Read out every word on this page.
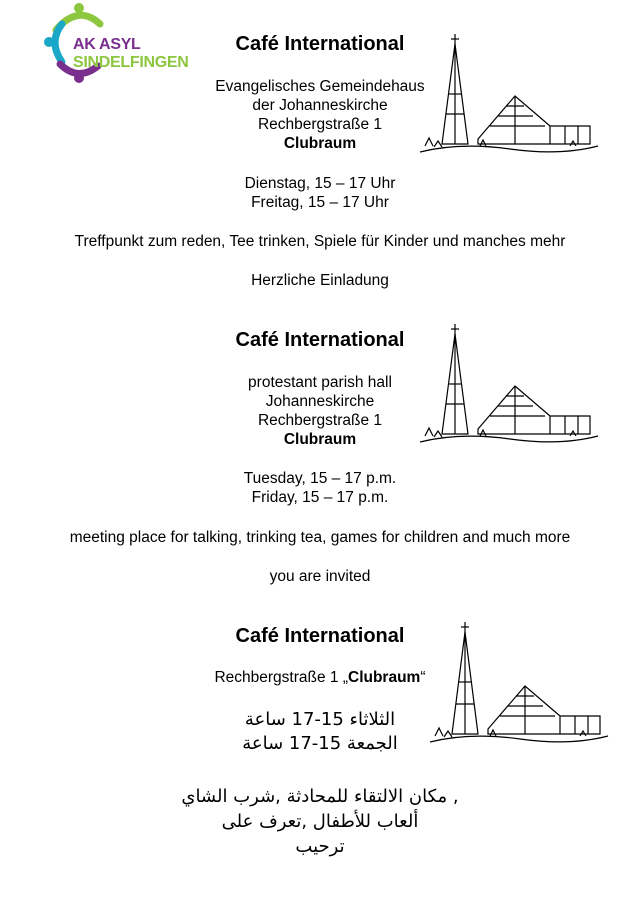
AK ASYL SINDELFINGEN
Café International
Evangelisches Gemeindehaus
der Johanneskirche
Rechbergstraße 1
Clubraum
Dienstag, 15 – 17 Uhr
Freitag, 15 – 17 Uhr
Treffpunkt zum reden, Tee trinken, Spiele für Kinder und manches mehr
Herzliche Einladung
Café International
protestant parish hall
Johanneskirche
Rechbergstraße 1
Clubraum
Tuesday, 15 – 17 p.m.
Friday, 15 – 17 p.m.
meeting place for talking, trinking tea, games for children and much more
you are invited
Café International
Rechbergstraße 1 „Clubraum“
الثلاثاء 15-17 ساعة
الجمعة 15-17 ساعة
, مكان الالتقاء للمحادثة ,شرب الشاي
ألعاب للأطفال ,تعرف على
ترحيب
